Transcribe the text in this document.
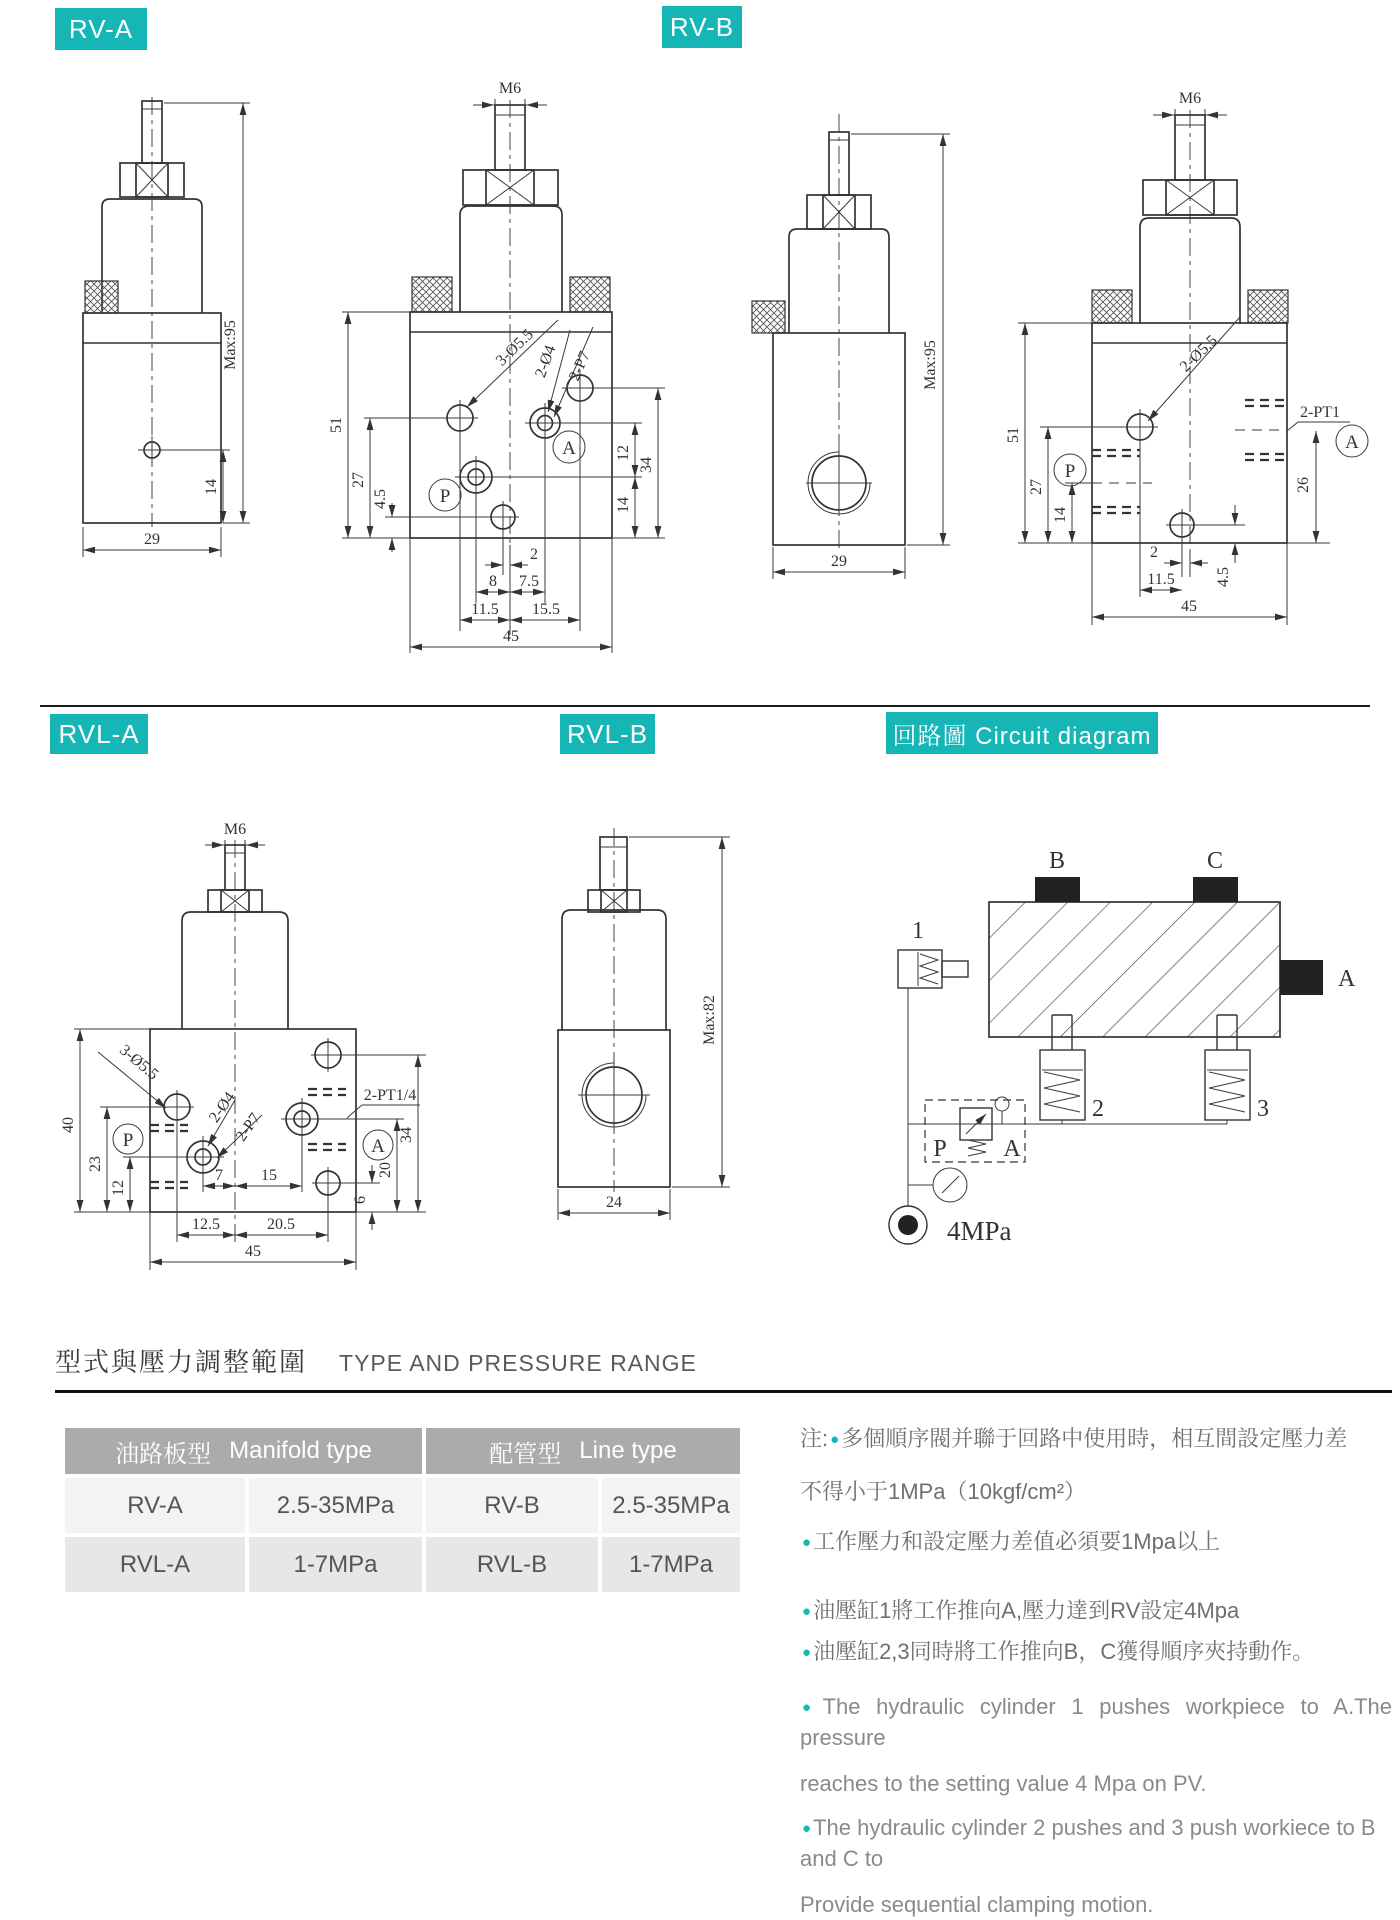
RV-A	RV-B
RVL-A	RVL-B	回路圖 Circuit diagram
Max:95
14
29
M6
3-Ø5.5
2-Ø4 2-P7
A
P
12
14
34
51
27
4.5
2
8 7.5
11.5 15.5
45
Max:95
29
M6
2-Ø5.5
P
2-PT1
A
26
51
27
14
2
11.5	4.5
45
M6
3-Ø5.5
2-Ø4
2-P7
2-PT1/4
P	A
40
23
12
34
20
6
7 15
12.5	20.5
45
Max:82
24
B	C
A
1
P A
2	3
4MPa
型式與壓力調整範圍 TYPE AND PRESSURE RANGE
油路板型 Manifold type	配管型 Line type
RV-A	2.5-35MPa	RV-B	2.5-35MPa
RVL-A	1-7MPa	RVL-B	1-7MPa
注: ●多個順序閥并聯于回路中使用時，相互間設定壓力差
不得小于1MPa（10kgf/cm²）
●工作壓力和設定壓力差值必須要1Mpa以上
●油壓缸1將工作推向A,壓力達到RV設定4Mpa
●油壓缸2,3同時將工作推向B，C獲得順序夾持動作。
●The hydraulic cylinder 1 pushes workpiece to A.The pressure
reaches to the setting value 4 Mpa on PV.
●The hydraulic cylinder 2 pushes and 3 push workiece to B and C to
Provide sequential clamping motion.
